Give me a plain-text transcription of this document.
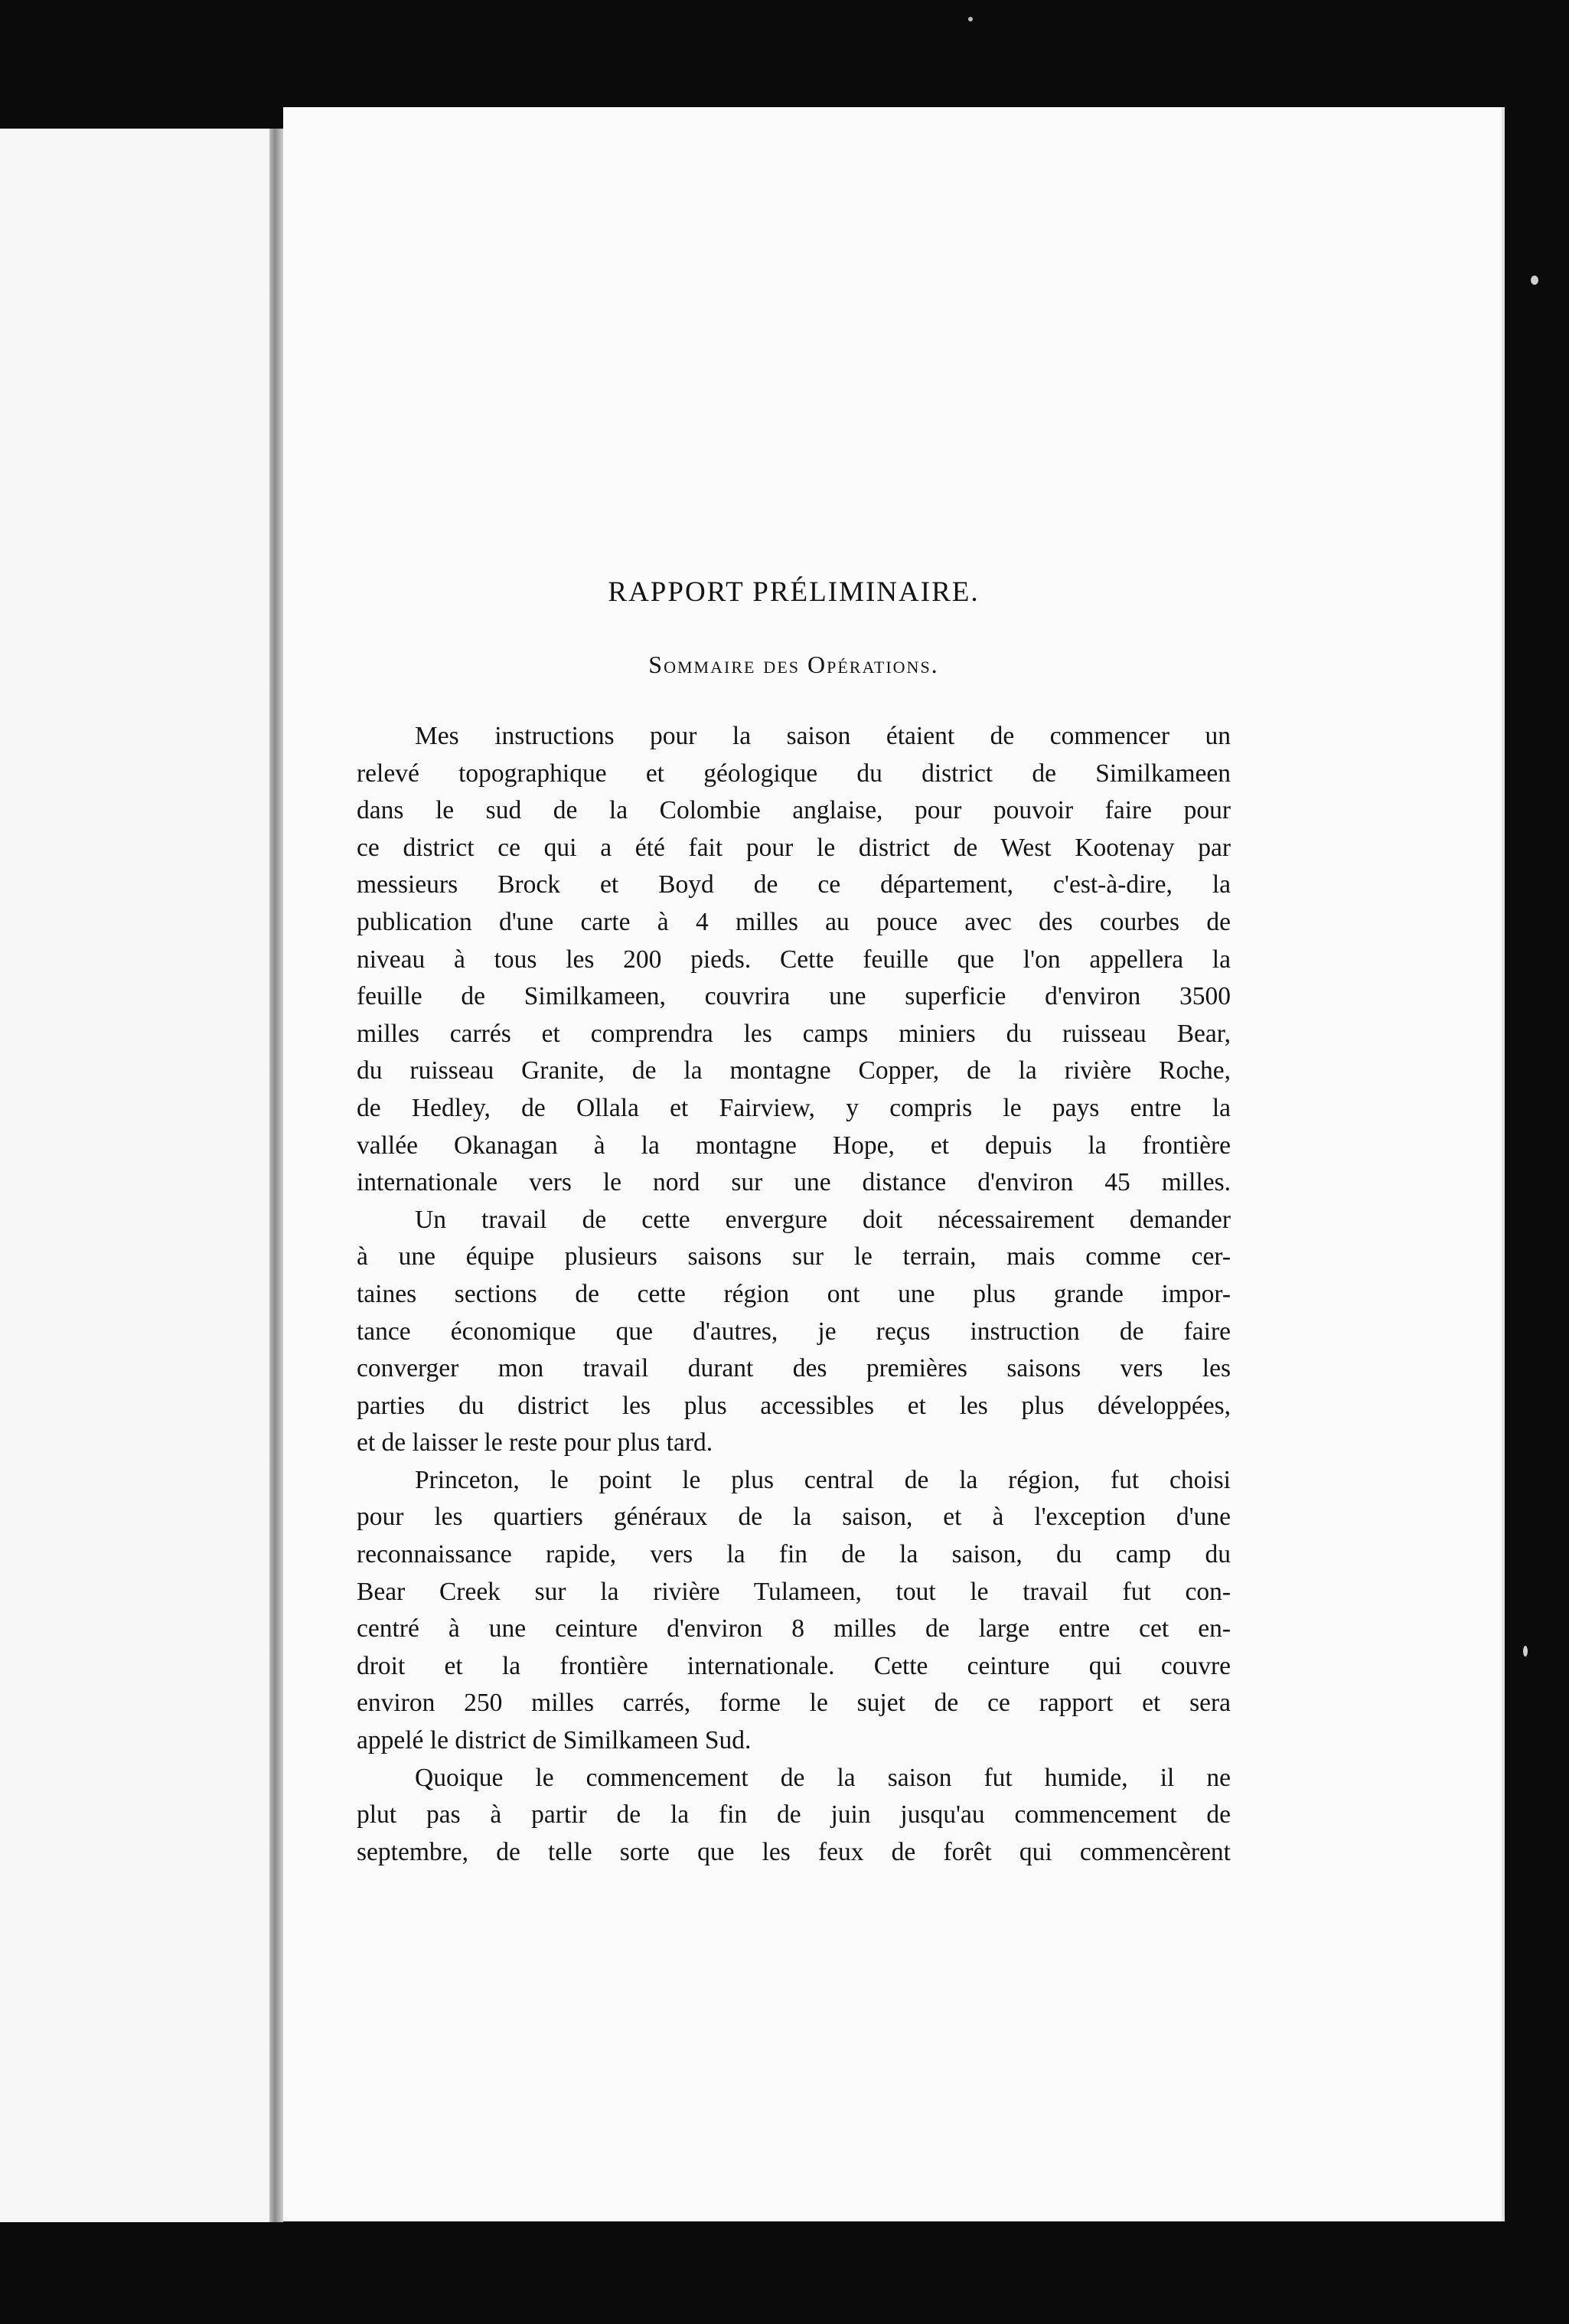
RAPPORT PRÉLIMINAIRE.
Sommaire des Opérations.
Mes instructions pour la saison étaient de commencer un
relevé topographique et géologique du district de Similkameen
dans le sud de la Colombie anglaise, pour pouvoir faire pour
ce district ce qui a été fait pour le district de West Kootenay par
messieurs Brock et Boyd de ce département, c'est-à-dire, la
publication d'une carte à 4 milles au pouce avec des courbes de
niveau à tous les 200 pieds. Cette feuille que l'on appellera la
feuille de Similkameen, couvrira une superficie d'environ 3500
milles carrés et comprendra les camps miniers du ruisseau Bear,
du ruisseau Granite, de la montagne Copper, de la rivière Roche,
de Hedley, de Ollala et Fairview, y compris le pays entre la
vallée Okanagan à la montagne Hope, et depuis la frontière
internationale vers le nord sur une distance d'environ 45 milles.
Un travail de cette envergure doit nécessairement demander
à une équipe plusieurs saisons sur le terrain, mais comme cer-
taines sections de cette région ont une plus grande impor-
tance économique que d'autres, je reçus instruction de faire
converger mon travail durant des premières saisons vers les
parties du district les plus accessibles et les plus développées,
et de laisser le reste pour plus tard.
Princeton, le point le plus central de la région, fut choisi
pour les quartiers généraux de la saison, et à l'exception d'une
reconnaissance rapide, vers la fin de la saison, du camp du
Bear Creek sur la rivière Tulameen, tout le travail fut con-
centré à une ceinture d'environ 8 milles de large entre cet en-
droit et la frontière internationale. Cette ceinture qui couvre
environ 250 milles carrés, forme le sujet de ce rapport et sera
appelé le district de Similkameen Sud.
Quoique le commencement de la saison fut humide, il ne
plut pas à partir de la fin de juin jusqu'au commencement de
septembre, de telle sorte que les feux de forêt qui commencèrent
